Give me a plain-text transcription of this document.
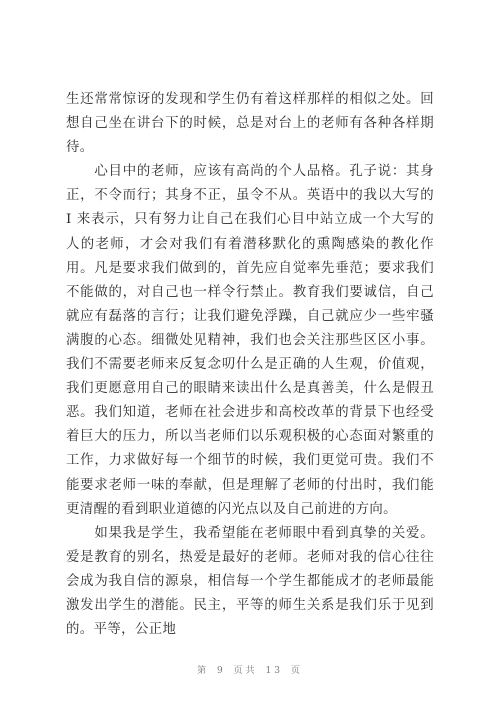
生还常常惊讶的发现和学生仍有着这样那样的相似之处。回想自己坐在讲台下的时候，总是对台上的老师有各种各样期待。

心目中的老师，应该有高尚的个人品格。孔子说：其身正，不令而行；其身不正，虽令不从。英语中的我以大写的 I 来表示，只有努力让自己在我们心目中站立成一个大写的人的老师，才会对我们有着潜移默化的熏陶感染的教化作用。凡是要求我们做到的，首先应自觉率先垂范；要求我们不能做的，对自己也一样令行禁止。教育我们要诚信，自己就应有磊落的言行；让我们避免浮躁，自己就应少一些牢骚满腹的心态。细微处见精神，我们也会关注那些区区小事。我们不需要老师来反复念叨什么是正确的人生观，价值观，我们更愿意用自己的眼睛来读出什么是真善美，什么是假丑恶。我们知道，老师在社会进步和高校改革的背景下也经受着巨大的压力，所以当老师们以乐观积极的心态面对繁重的工作，力求做好每一个细节的时候，我们更觉可贵。我们不能要求老师一味的奉献，但是理解了老师的付出时，我们能更清醒的看到职业道德的闪光点以及自己前进的方向。

如果我是学生，我希望能在老师眼中看到真挚的关爱。爱是教育的别名，热爱是最好的老师。老师对我的信心往往会成为我自信的源泉，相信每一个学生都能成才的老师最能激发出学生的潜能。民主，平等的师生关系是我们乐于见到的。平等，公正地

第 9 页共 13 页
